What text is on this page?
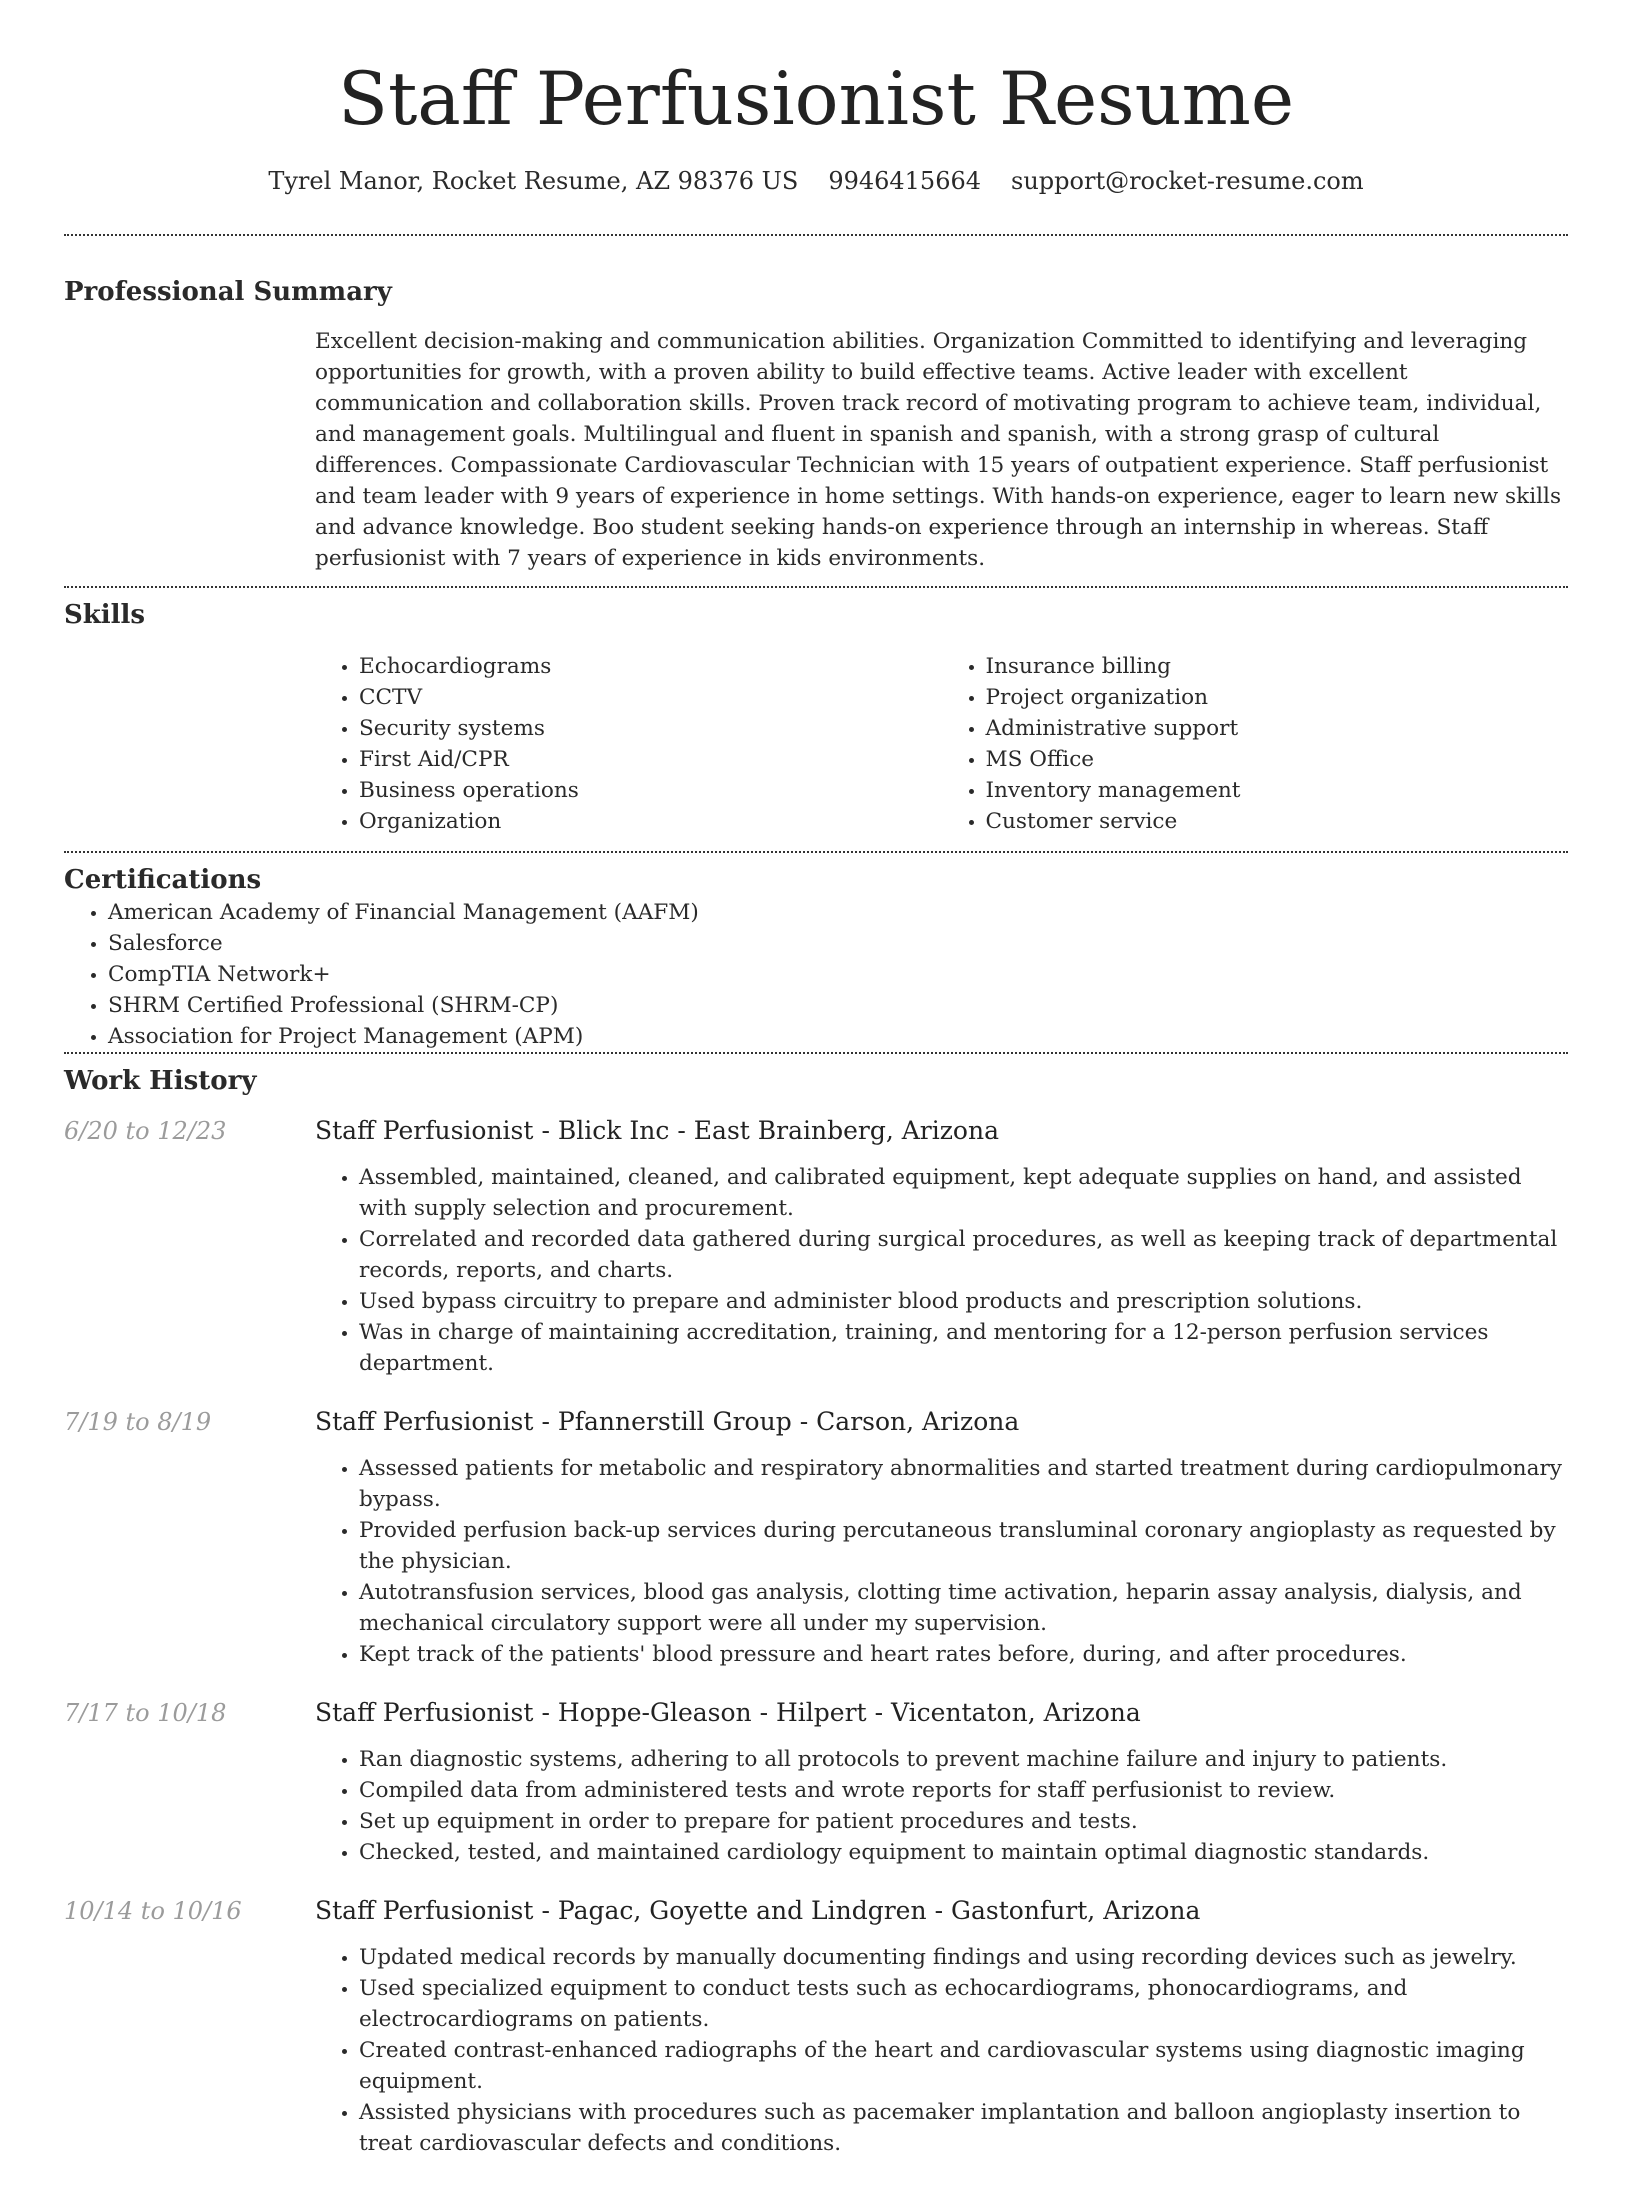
Staff Perfusionist Resume
Tyrel Manor, Rocket Resume, AZ 98376 US 9946415664 support@rocket-resume.com
Professional Summary

Excellent decision-making and communication abilities. Organization Committed to identifying and leveraging opportunities for growth, with a proven ability to build effective teams. Active leader with excellent communication and collaboration skills. Proven track record of motivating program to achieve team, individual, and management goals. Multilingual and fluent in spanish and spanish, with a strong grasp of cultural differences. Compassionate Cardiovascular Technician with 15 years of outpatient experience. Staff perfusionist and team leader with 9 years of experience in home settings. With hands-on experience, eager to learn new skills and advance knowledge. Boo student seeking hands-on experience through an internship in whereas. Staff perfusionist with 7 years of experience in kids environments.

Skills
• Echocardiograms
• CCTV
• Security systems
• First Aid/CPR
• Business operations
• Organization
• Insurance billing
• Project organization
• Administrative support
• MS Office
• Inventory management
• Customer service
Certifications
• American Academy of Financial Management (AAFM)
• Salesforce
• CompTIA Network+
• SHRM Certified Professional (SHRM-CP)
• Association for Project Management (APM)
Work History
6/20 to 12/23	Staff Perfusionist - Blick Inc - East Brainberg, Arizona
• Assembled, maintained, cleaned, and calibrated equipment, kept adequate supplies on hand, and assisted with supply selection and procurement.
• Correlated and recorded data gathered during surgical procedures, as well as keeping track of departmental records, reports, and charts.
• Used bypass circuitry to prepare and administer blood products and prescription solutions.
• Was in charge of maintaining accreditation, training, and mentoring for a 12-person perfusion services department.
7/19 to 8/19	Staff Perfusionist - Pfannerstill Group - Carson, Arizona
• Assessed patients for metabolic and respiratory abnormalities and started treatment during cardiopulmonary bypass.
• Provided perfusion back-up services during percutaneous transluminal coronary angioplasty as requested by the physician.
• Autotransfusion services, blood gas analysis, clotting time activation, heparin assay analysis, dialysis, and mechanical circulatory support were all under my supervision.
• Kept track of the patients' blood pressure and heart rates before, during, and after procedures.
7/17 to 10/18	Staff Perfusionist - Hoppe-Gleason - Hilpert - Vicentaton, Arizona
• Ran diagnostic systems, adhering to all protocols to prevent machine failure and injury to patients.
• Compiled data from administered tests and wrote reports for staff perfusionist to review.
• Set up equipment in order to prepare for patient procedures and tests.
• Checked, tested, and maintained cardiology equipment to maintain optimal diagnostic standards.
10/14 to 10/16	Staff Perfusionist - Pagac, Goyette and Lindgren - Gastonfurt, Arizona
• Updated medical records by manually documenting findings and using recording devices such as jewelry.
• Used specialized equipment to conduct tests such as echocardiograms, phonocardiograms, and electrocardiograms on patients.
• Created contrast-enhanced radiographs of the heart and cardiovascular systems using diagnostic imaging equipment.
• Assisted physicians with procedures such as pacemaker implantation and balloon angioplasty insertion to treat cardiovascular defects and conditions.
